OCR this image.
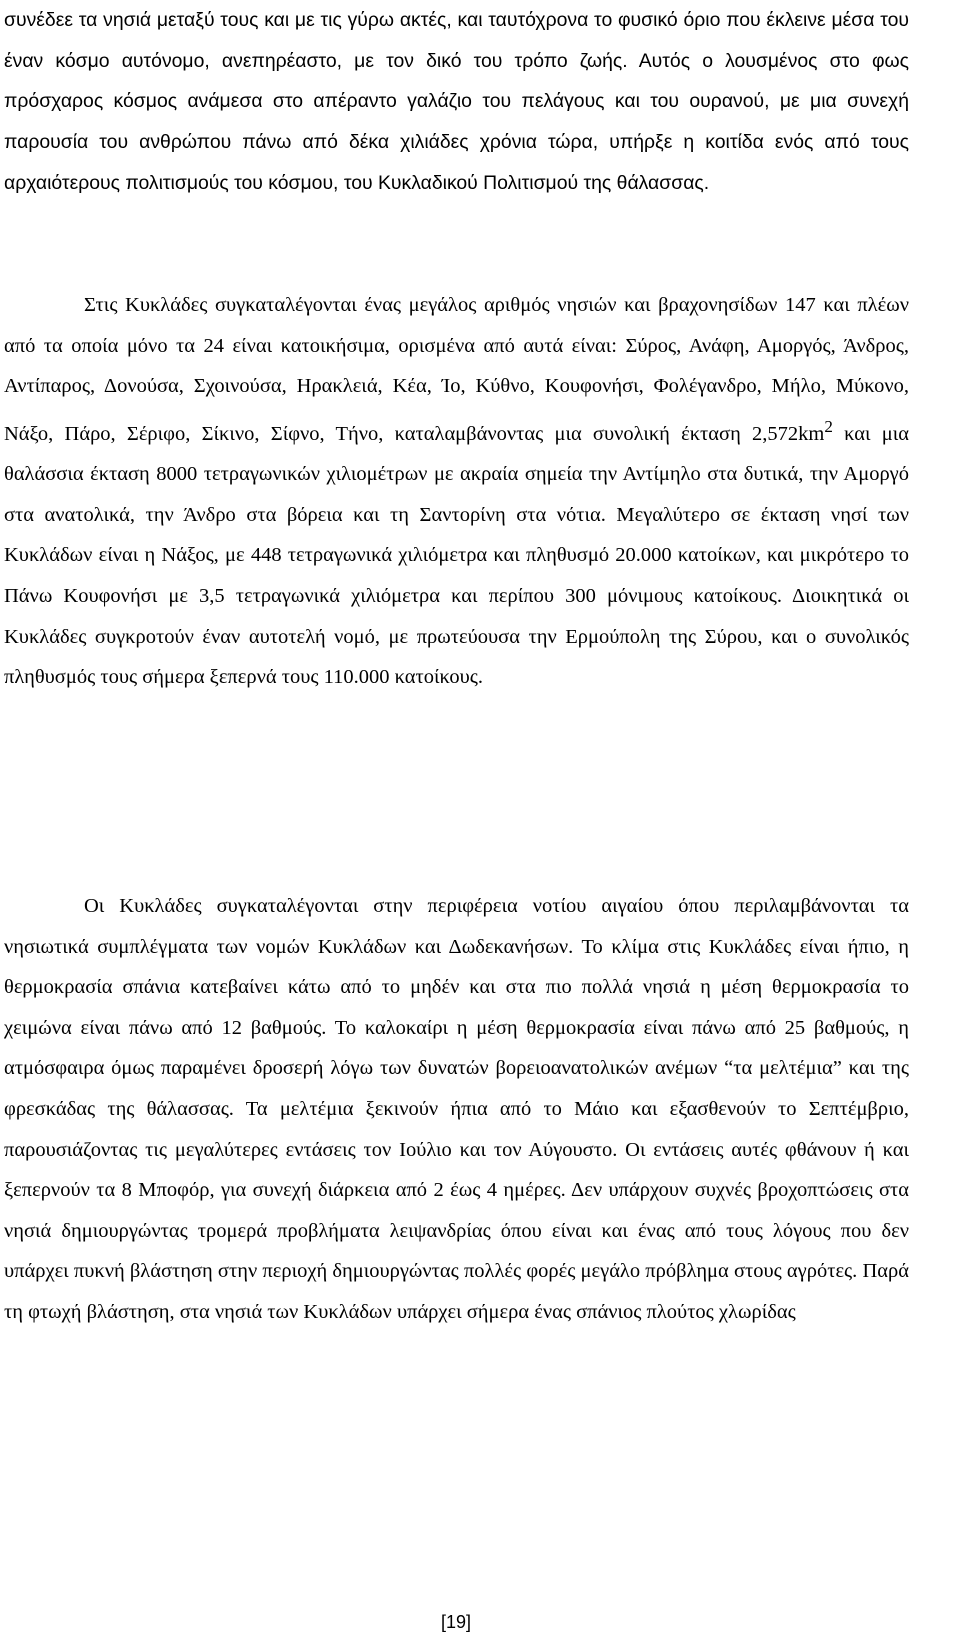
συνέδεε τα νησιά μεταξύ τους και με τις γύρω ακτές, και ταυτόχρονα το φυσικό όριο που έκλεινε μέσα του έναν κόσμο αυτόνομο, ανεπηρέαστο, με τον δικό του τρόπο ζωής. Αυτός ο λουσμένος στο φως πρόσχαρος κόσμος ανάμεσα στο απέραντο γαλάζιο του πελάγους και του ουρανού, με μια συνεχή παρουσία του ανθρώπου πάνω από δέκα χιλιάδες χρόνια τώρα, υπήρξε η κοιτίδα ενός από τους αρχαιότερους πολιτισμούς του κόσμου, του Κυκλαδικού Πολιτισμού της θάλασσας.

Στις Κυκλάδες συγκαταλέγονται ένας μεγάλος αριθμός νησιών και βραχονησίδων 147 και πλέων από τα οποία μόνο τα 24 είναι κατοικήσιμα, ορισμένα από αυτά είναι: Σύρος, Ανάφη, Αμοργός, Άνδρος, Αντίπαρος, Δονούσα, Σχοινούσα, Ηρακλειά, Κέα, Ίο, Κύθνο, Κουφονήσι, Φολέγανδρο, Μήλο, Μύκονο, Νάξο, Πάρο, Σέριφο, Σίκινο, Σίφνο, Τήνο, καταλαμβάνοντας μια συνολική έκταση $2,572km^2$ και μια θαλάσσια έκταση 8000 τετραγωνικών χιλιομέτρων με ακραία σημεία την Αντίμηλο στα δυτικά, την Αμοργό στα ανατολικά, την Άνδρο στα βόρεια και τη Σαντορίνη στα νότια. Μεγαλύτερο σε έκταση νησί των Κυκλάδων είναι η Νάξος, με 448 τετραγωνικά χιλιόμετρα και πληθυσμό 20.000 κατοίκων, και μικρότερο το Πάνω Κουφονήσι με 3,5 τετραγωνικά χιλιόμετρα και περίπου 300 μόνιμους κατοίκους. Διοικητικά οι Κυκλάδες συγκροτούν έναν αυτοτελή νομό, με πρωτεύουσα την Ερμούπολη της Σύρου, και ο συνολικός πληθυσμός τους σήμερα ξεπερνά τους 110.000 κατοίκους.

Οι Κυκλάδες συγκαταλέγονται στην περιφέρεια νοτίου αιγαίου όπου περιλαμβάνονται τα νησιωτικά συμπλέγματα των νομών Κυκλάδων και Δωδεκανήσων. Το κλίμα στις Κυκλάδες είναι ήπιο, η θερμοκρασία σπάνια κατεβαίνει κάτω από το μηδέν και στα πιο πολλά νησιά η μέση θερμοκρασία το χειμώνα είναι πάνω από 12 βαθμούς. Το καλοκαίρι η μέση θερμοκρασία είναι πάνω από 25 βαθμούς, η ατμόσφαιρα όμως παραμένει δροσερή λόγω των δυνατών βορειοανατολικών ανέμων “τα μελτέμια” και της φρεσκάδας της θάλασσας. Τα μελτέμια ξεκινούν ήπια από το Μάιο και εξασθενούν το Σεπτέμβριο, παρουσιάζοντας τις μεγαλύτερες εντάσεις τον Ιούλιο και τον Αύγουστο. Οι εντάσεις αυτές φθάνουν ή και ξεπερνούν τα 8 Μποφόρ, για συνεχή διάρκεια από 2 έως 4 ημέρες. Δεν υπάρχουν συχνές βροχοπτώσεις στα νησιά δημιουργώντας τρομερά προβλήματα λειψανδρίας όπου είναι και ένας από τους λόγους που δεν υπάρχει πυκνή βλάστηση στην περιοχή δημιουργώντας πολλές φορές μεγάλο πρόβλημα στους αγρότες. Παρά τη φτωχή βλάστηση, στα νησιά των Κυκλάδων υπάρχει σήμερα ένας σπάνιος πλούτος χλωρίδας

[19]
